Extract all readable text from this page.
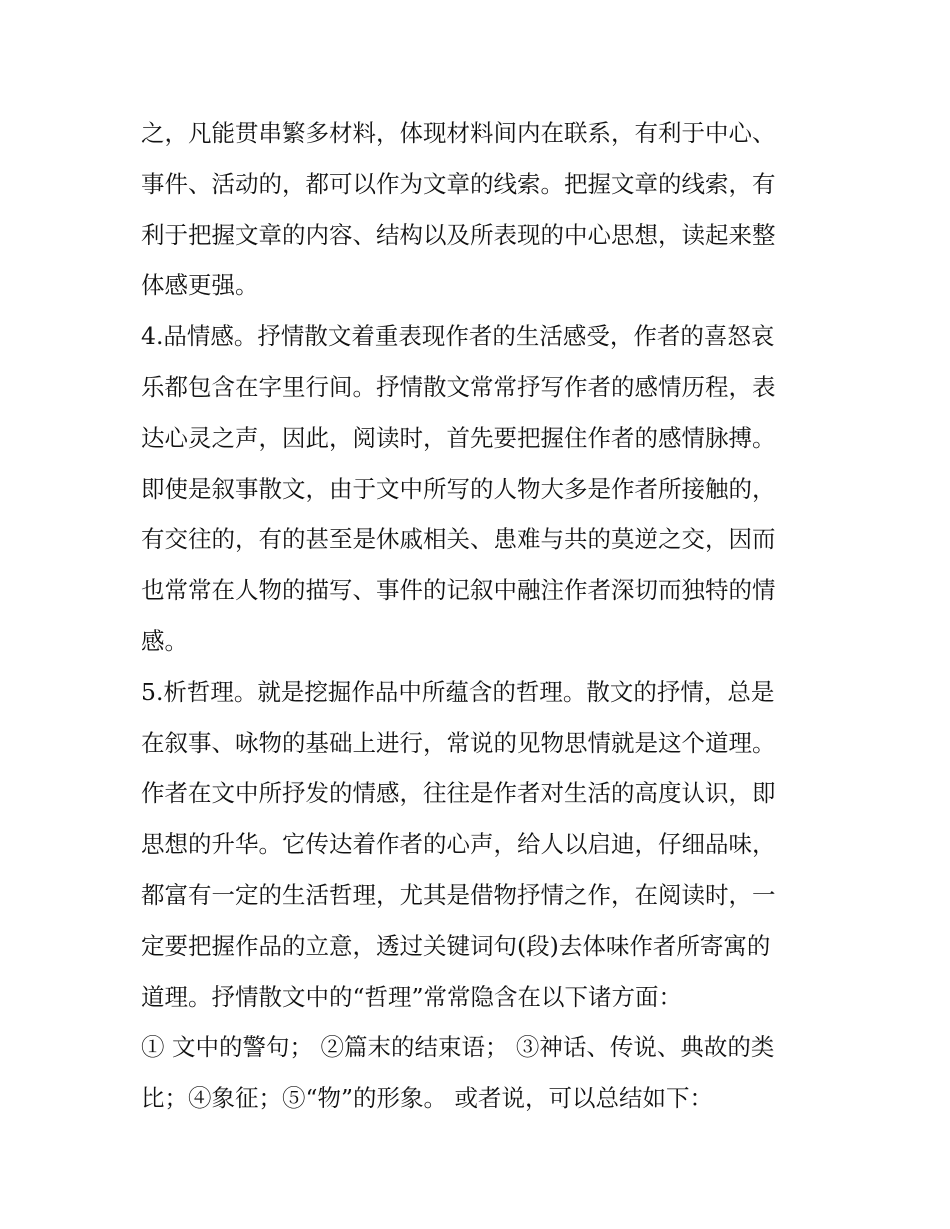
之，凡能贯串繁多材料，体现材料间内在联系，有利于中心、
事件、活动的，都可以作为文章的线索。把握文章的线索，有
利于把握文章的内容、结构以及所表现的中心思想，读起来整
体感更强。
4.品情感。抒情散文着重表现作者的生活感受，作者的喜怒哀
乐都包含在字里行间。抒情散文常常抒写作者的感情历程，表
达心灵之声，因此，阅读时，首先要把握住作者的感情脉搏。
即使是叙事散文，由于文中所写的人物大多是作者所接触的，
有交往的，有的甚至是休戚相关、患难与共的莫逆之交，因而
也常常在人物的描写、事件的记叙中融注作者深切而独特的情
感。
5.析哲理。就是挖掘作品中所蕴含的哲理。散文的抒情，总是
在叙事、咏物的基础上进行，常说的见物思情就是这个道理。
作者在文中所抒发的情感，往往是作者对生活的高度认识，即
思想的升华。它传达着作者的心声，给人以启迪，仔细品味，
都富有一定的生活哲理，尤其是借物抒情之作，在阅读时，一
定要把握作品的立意，透过关键词句(段)去体味作者所寄寓的
道理。抒情散文中的“哲理”常常隐含在以下诸方面：
① 文中的警句； ②篇末的结束语； ③神话、传说、典故的类
比；④象征；⑤“物”的形象。 或者说，可以总结如下：
